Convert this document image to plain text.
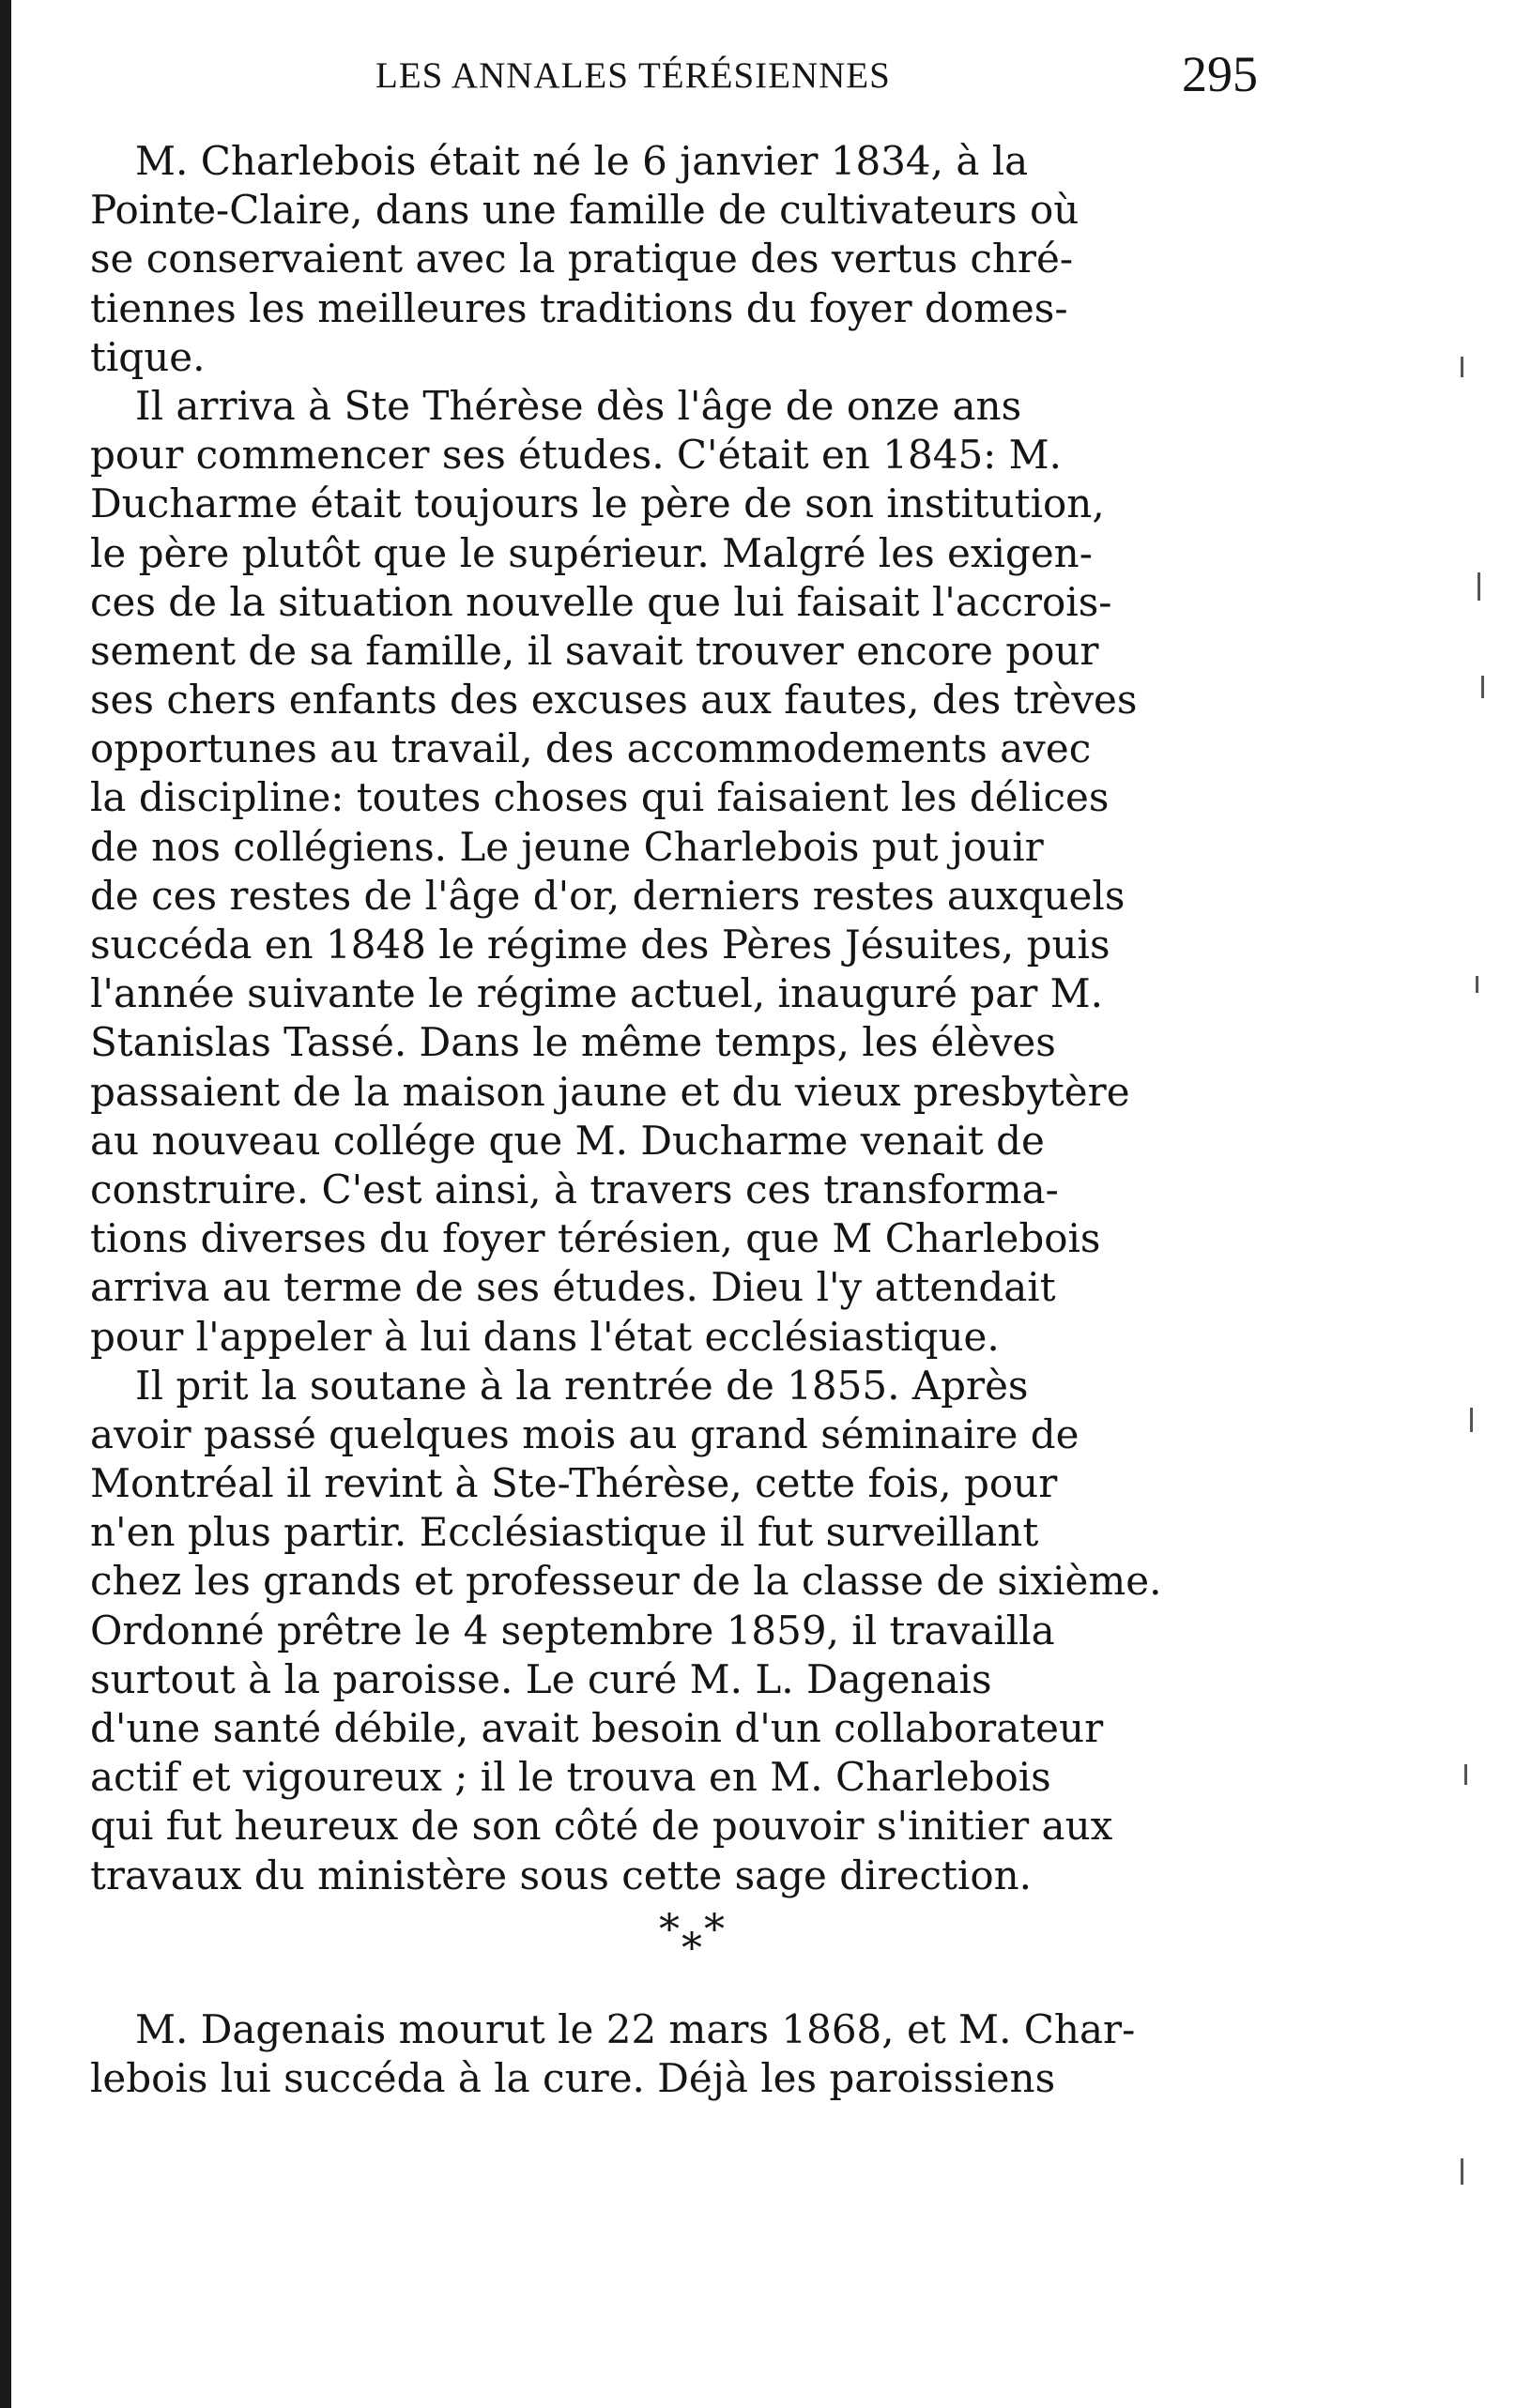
LES ANNALES TÉRÉSIENNES	295
M. Charlebois était né le 6 janvier 1834, à la
Pointe-Claire, dans une famille de cultivateurs où
se conservaient avec la pratique des vertus chré-
tiennes les meilleures traditions du foyer domes-
tique.
Il arriva à Ste Thérèse dès l'âge de onze ans
pour commencer ses études. C'était en 1845: M.
Ducharme était toujours le père de son institution,
le père plutôt que le supérieur. Malgré les exigen-
ces de la situation nouvelle que lui faisait l'accrois-
sement de sa famille, il savait trouver encore pour
ses chers enfants des excuses aux fautes, des trèves
opportunes au travail, des accommodements avec
la discipline: toutes choses qui faisaient les délices
de nos collégiens. Le jeune Charlebois put jouir
de ces restes de l'âge d'or, derniers restes auxquels
succéda en 1848 le régime des Pères Jésuites, puis
l'année suivante le régime actuel, inauguré par M.
Stanislas Tassé. Dans le même temps, les élèves
passaient de la maison jaune et du vieux presbytère
au nouveau collége que M. Ducharme venait de
construire. C'est ainsi, à travers ces transforma-
tions diverses du foyer térésien, que M Charlebois
arriva au terme de ses études. Dieu l'y attendait
pour l'appeler à lui dans l'état ecclésiastique.
Il prit la soutane à la rentrée de 1855. Après
avoir passé quelques mois au grand séminaire de
Montréal il revint à Ste-Thérèse, cette fois, pour
n'en plus partir. Ecclésiastique il fut surveillant
chez les grands et professeur de la classe de sixième.
Ordonné prêtre le 4 septembre 1859, il travailla
surtout à la paroisse. Le curé M. L. Dagenais
d'une santé débile, avait besoin d'un collaborateur
actif et vigoureux ; il le trouva en M. Charlebois
qui fut heureux de son côté de pouvoir s'initier aux
travaux du ministère sous cette sage direction.
* * *
M. Dagenais mourut le 22 mars 1868, et M. Char-
lebois lui succéda à la cure. Déjà les paroissiens
